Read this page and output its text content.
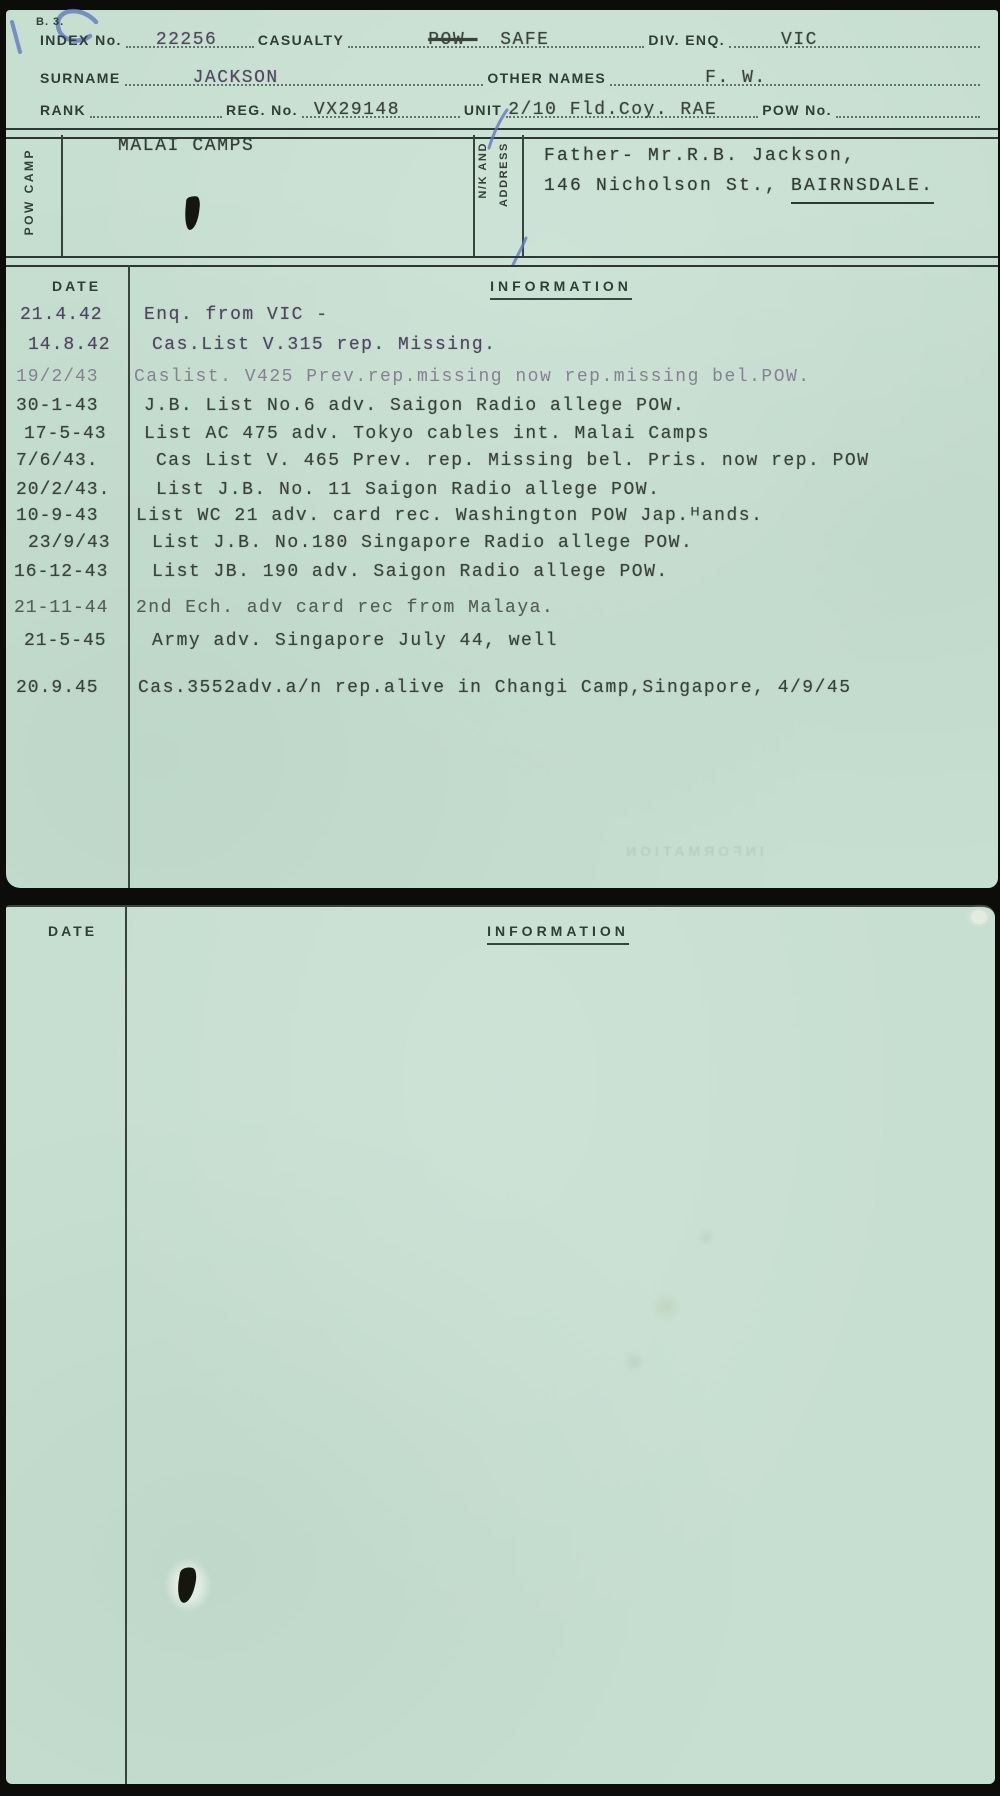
B. 3.
INDEX No. 22256	CASUALTY	POW- SAFE	DIV. ENQ.	VIC
SURNAME	JACKSON	OTHER NAMES	F. W.
RANK	REG. No. VX29148	UNIT 2/10 Fld.Coy. RAE	POW No.
POW CAMP
MALAI CAMPS	N/K AND ADDRESS Father- Mr.R.B. Jackson,
146 Nicholson St., BAIRNSDALE.
DATE	INFORMATION
21.4.42 Enq. from VIC -
14.8.42 Cas.List V.315 rep. Missing.
19/2/43 Caslist. V425 Prev.rep.missing now rep.missing bel.POW.
30-1-43	J.B. List No.6 adv. Saigon Radio allege POW.
17-5-43 List AC 475 adv. Tokyo cables int. Malai Camps
7/6/43.	Cas List V. 465 Prev. rep. Missing bel. Pris. now rep. POW
20/2/43.	List J.B. No. 11 Saigon Radio allege POW.
10-9-43 List WC 21 adv. card rec. Washington POW Jap.ᴴands.
23/9/43 List J.B. No.180 Singapore Radio allege POW.
16-12-43 List JB. 190 adv. Saigon Radio allege POW.
21-11-44 2nd Ech. adv card rec from Malaya.
21-5-45	Army adv. Singapore July 44, well
20.9.45 Cas.3552adv.a/n rep.alive in Changi Camp,Singapore, 4/9/45
INFORMATION
DATE	INFORMATION
